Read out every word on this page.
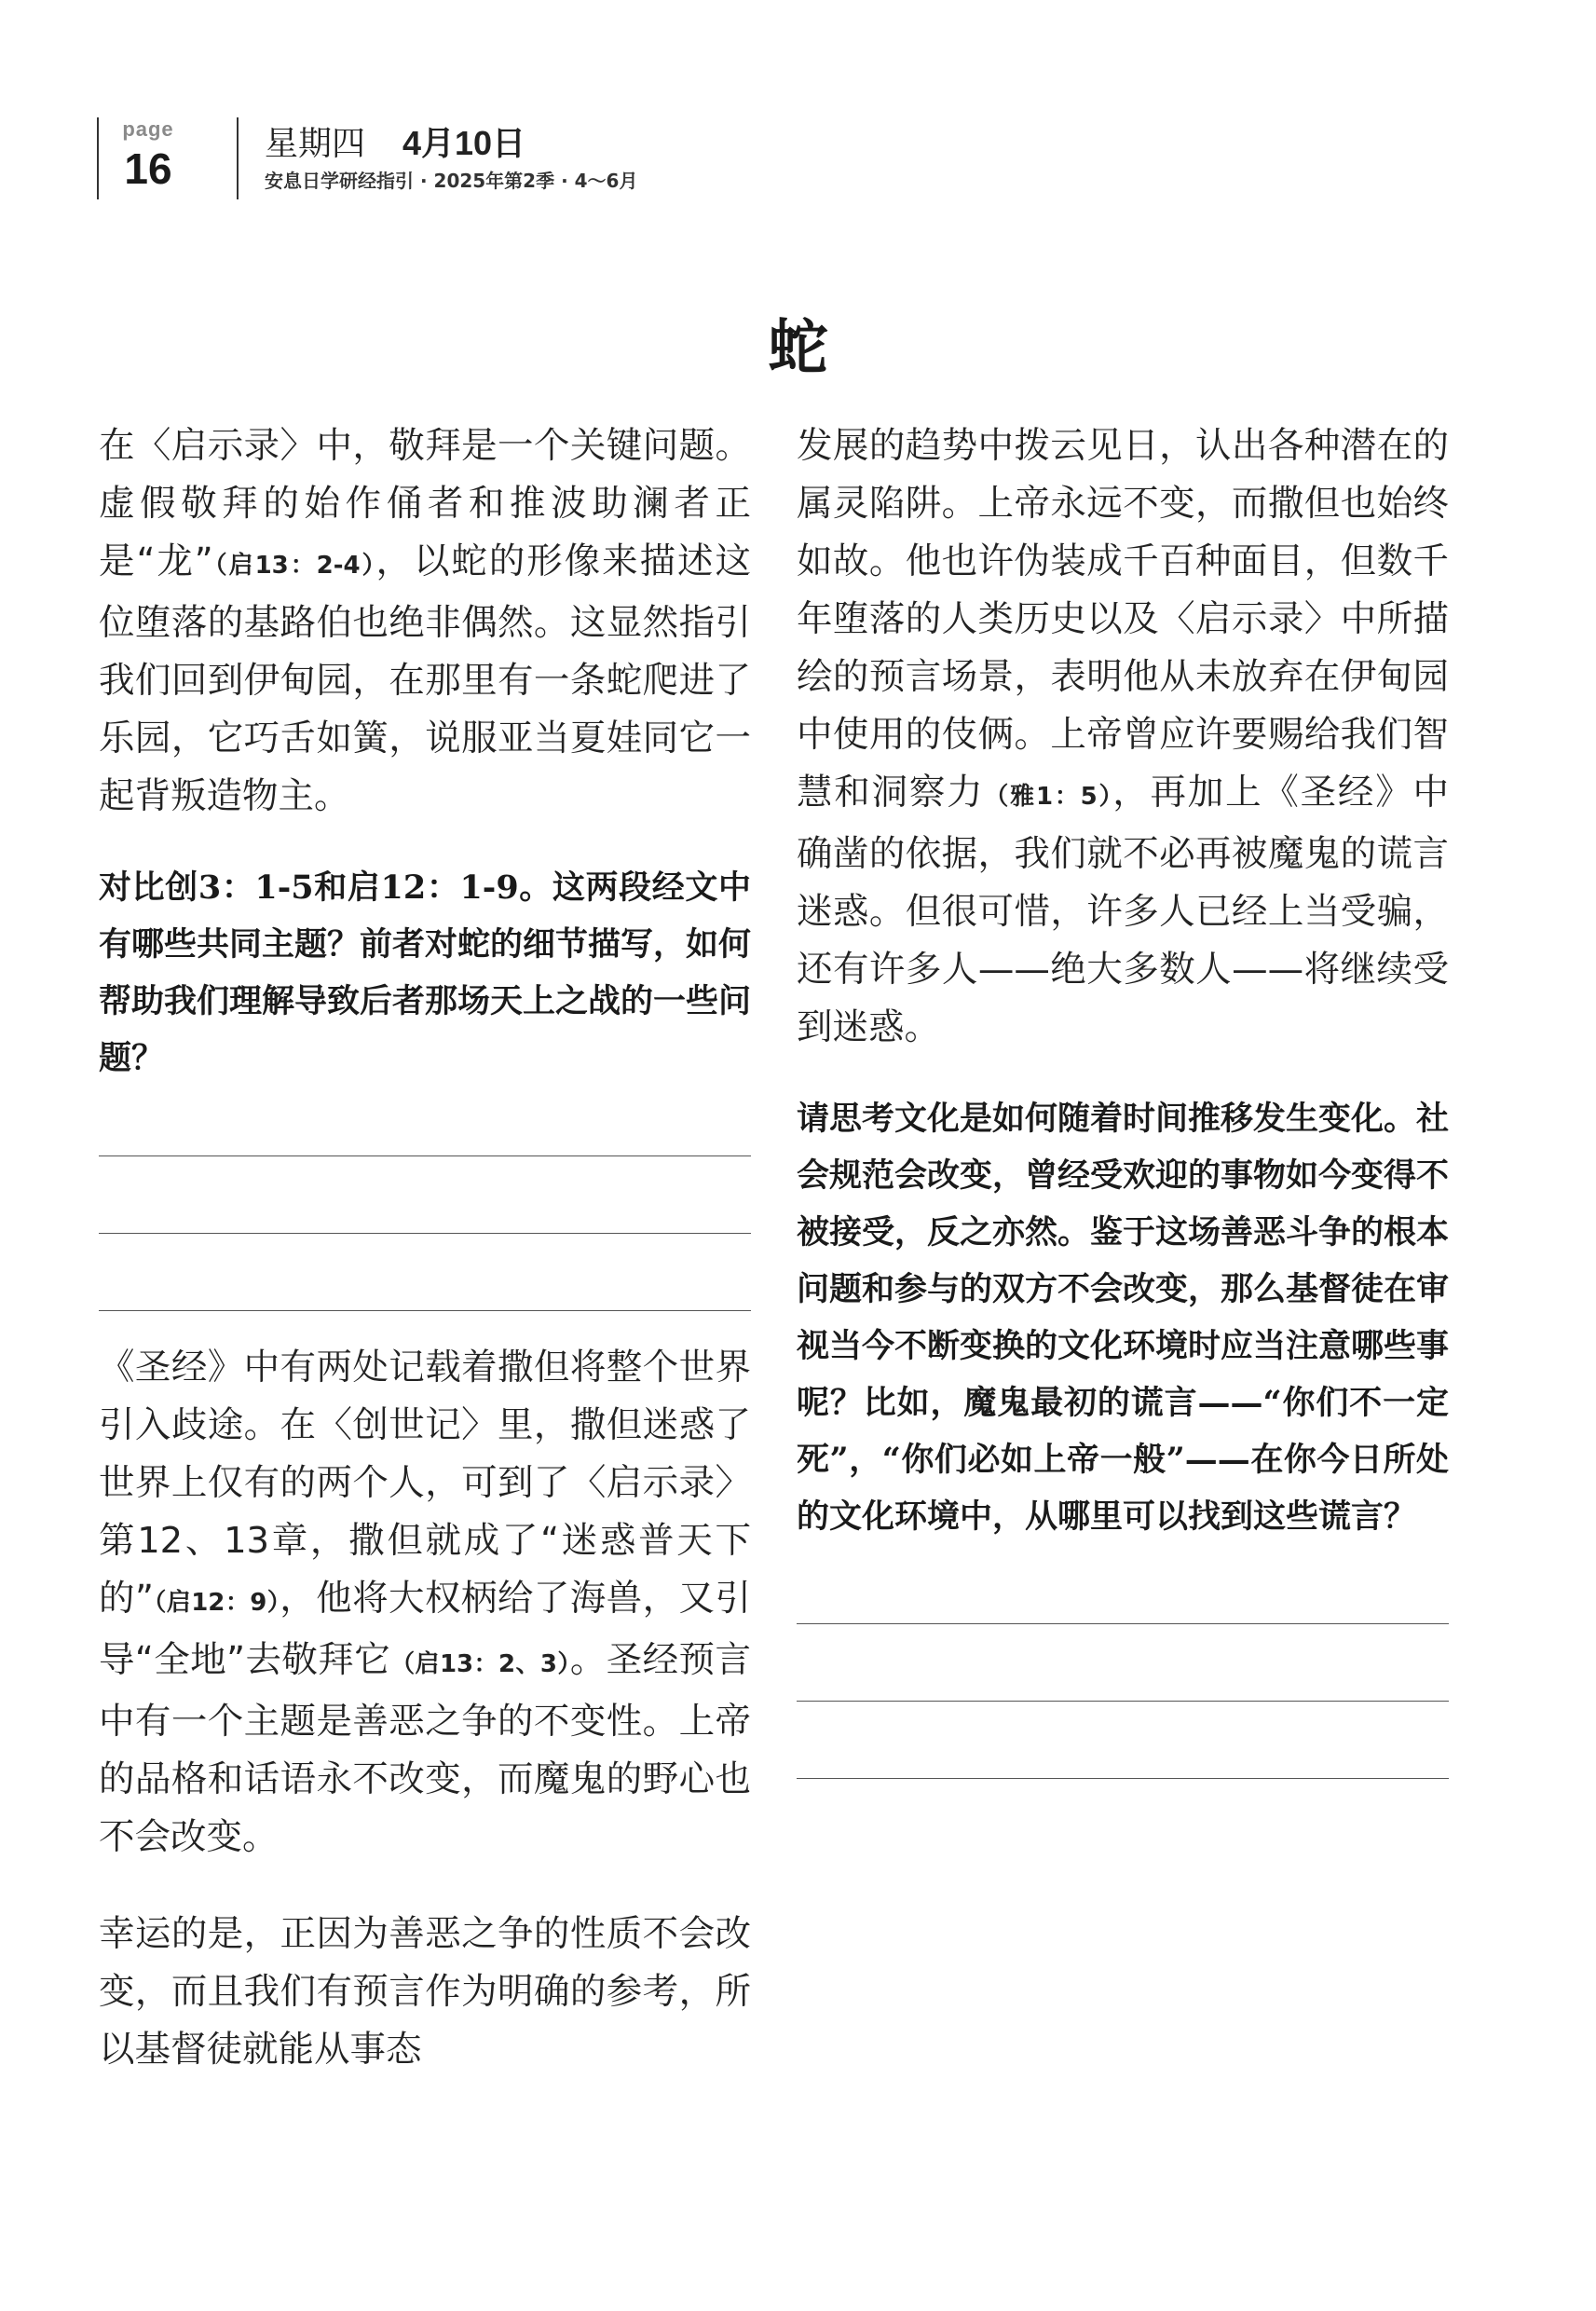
page
16
星期四 4月10日
安息日学研经指引 · 2025年第2季 · 4〜6月
蛇

在〈启示录〉中，敬拜是一个关键问题。虚假敬拜的始作俑者和推波助澜者正是“龙”（启13：2-4），以蛇的形像来描述这位堕落的基路伯也绝非偶然。这显然指引我们回到伊甸园，在那里有一条蛇爬进了乐园，它巧舌如簧，说服亚当夏娃同它一起背叛造物主。

对比创3：1-5和启12：1-9。这两段经文中有哪些共同主题？前者对蛇的细节描写，如何帮助我们理解导致后者那场天上之战的一些问题？

《圣经》中有两处记载着撒但将整个世界引入歧途。在〈创世记〉里，撒但迷惑了世界上仅有的两个人，可到了〈启示录〉第12、13章，撒但就成了“迷惑普天下的”（启12：9），他将大权柄给了海兽，又引导“全地”去敬拜它（启13：2、3）。圣经预言中有一个主题是善恶之争的不变性。上帝的品格和话语永不改变，而魔鬼的野心也不会改变。

幸运的是，正因为善恶之争的性质不会改变，而且我们有预言作为明确的参考，所以基督徒就能从事态

发展的趋势中拨云见日，认出各种潜在的属灵陷阱。上帝永远不变，而撒但也始终如故。他也许伪装成千百种面目，但数千年堕落的人类历史以及〈启示录〉中所描绘的预言场景，表明他从未放弃在伊甸园中使用的伎俩。上帝曾应许要赐给我们智慧和洞察力（雅1：5），再加上《圣经》中确凿的依据，我们就不必再被魔鬼的谎言迷惑。但很可惜，许多人已经上当受骗，还有许多人——绝大多数人——将继续受到迷惑。

请思考文化是如何随着时间推移发生变化。社会规范会改变，曾经受欢迎的事物如今变得不被接受，反之亦然。鉴于这场善恶斗争的根本问题和参与的双方不会改变，那么基督徒在审视当今不断变换的文化环境时应当注意哪些事呢？比如，魔鬼最初的谎言——“你们不一定死”，“你们必如上帝一般”——在你今日所处的文化环境中，从哪里可以找到这些谎言？
